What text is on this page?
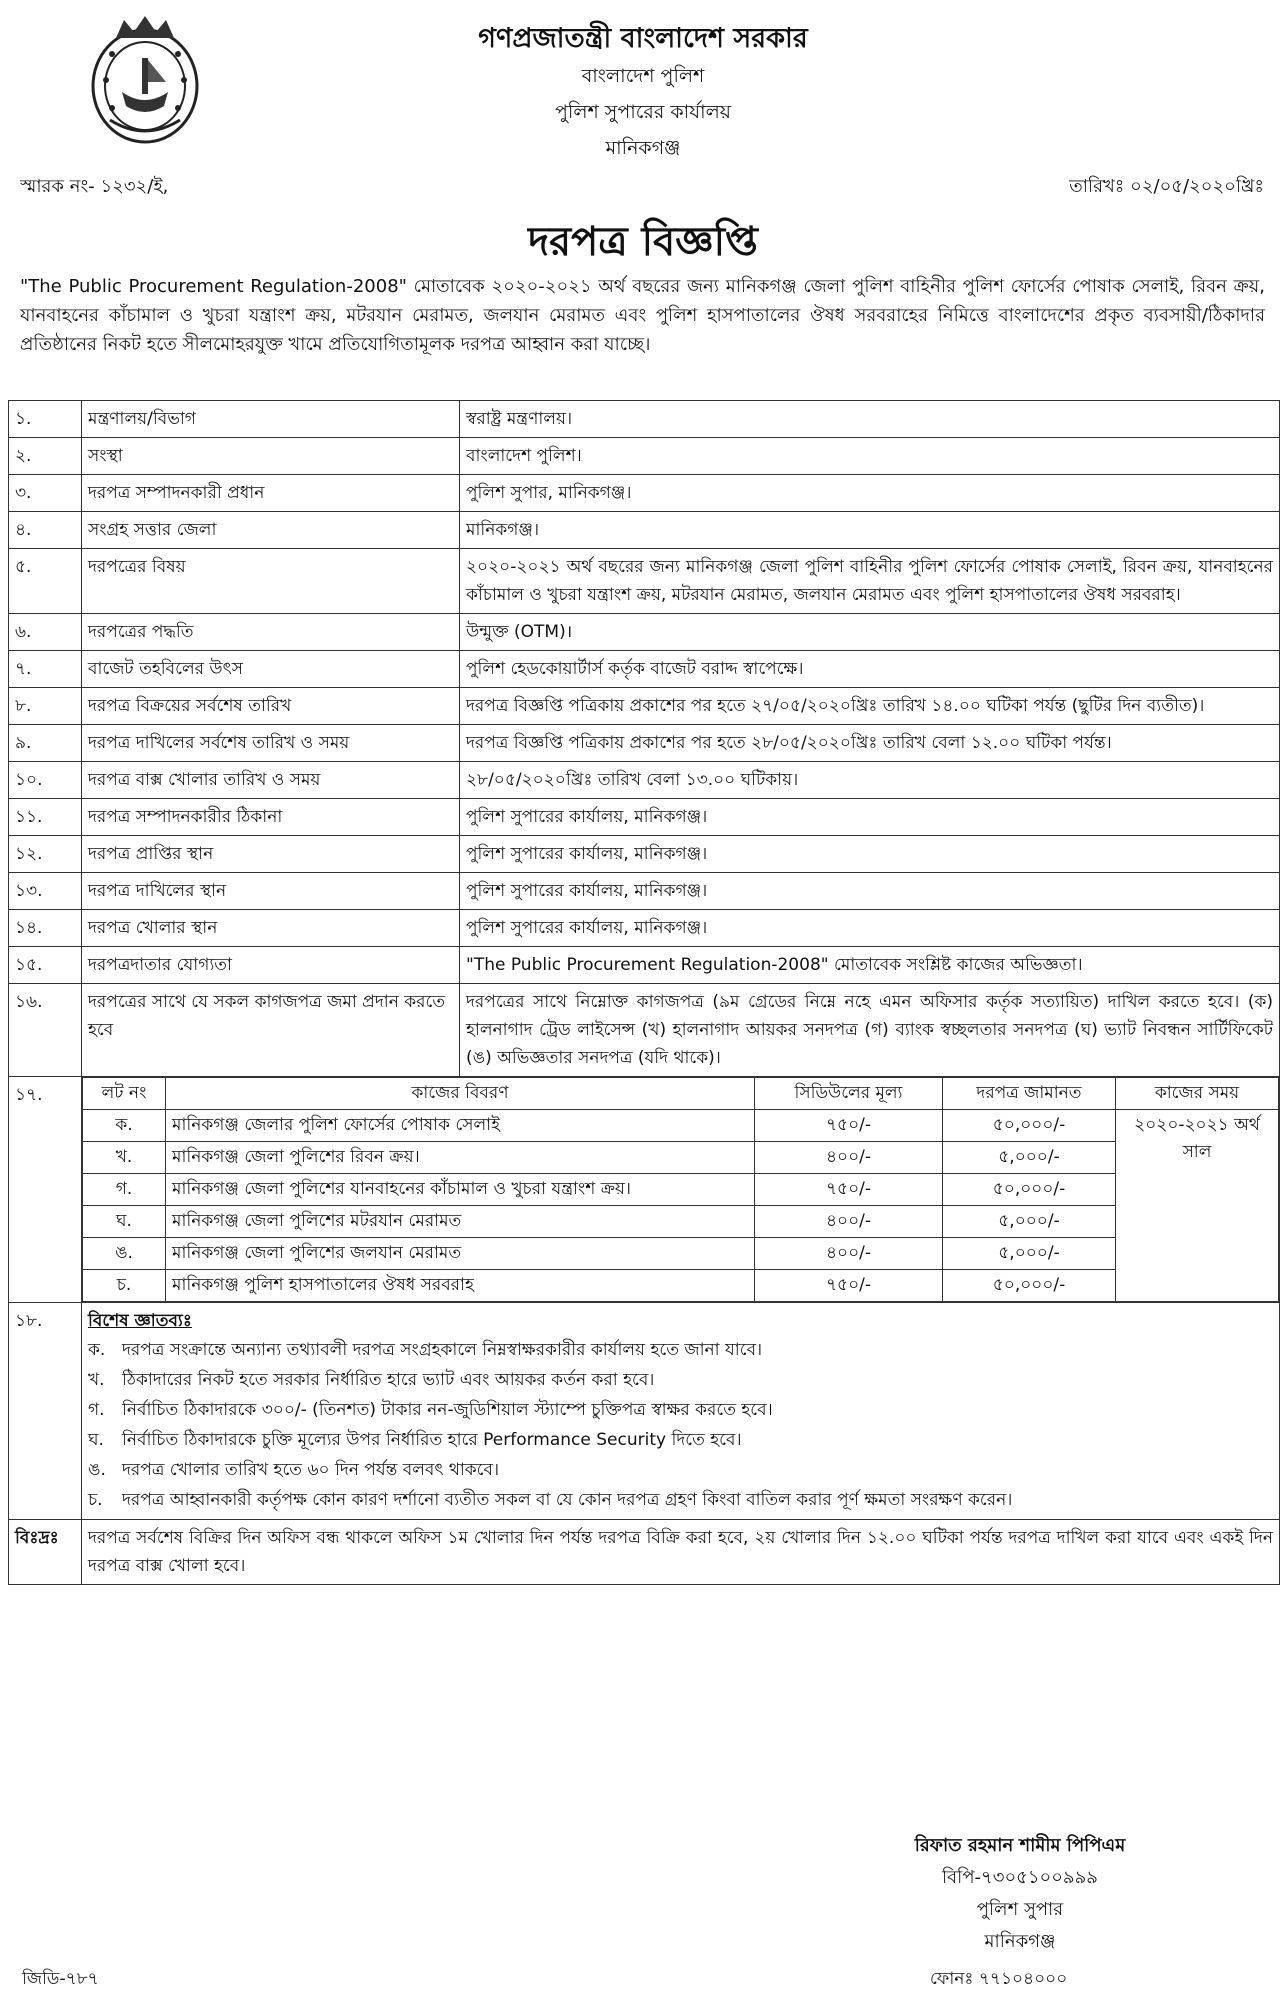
গণপ্রজাতন্ত্রী বাংলাদেশ সরকার
বাংলাদেশ পুলিশ
পুলিশ সুপারের কার্যালয়
মানিকগঞ্জ
স্মারক নং- ১২৩২/ই,	তারিখঃ ০২/০৫/২০২০খ্রিঃ
দরপত্র বিজ্ঞপ্তি
"The Public Procurement Regulation-2008" মোতাবেক ২০২০-২০২১ অর্থ বছরের জন্য মানিকগঞ্জ জেলা পুলিশ বাহিনীর পুলিশ ফোর্সের পোষাক সেলাই, রিবন ক্রয়, যানবাহনের কাঁচামাল ও খুচরা যন্ত্রাংশ ক্রয়, মটরযান মেরামত, জলযান মেরামত এবং পুলিশ হাসপাতালের ঔষধ সরবরাহের নিমিত্তে বাংলাদেশের প্রকৃত ব্যবসায়ী/ঠিকাদার প্রতিষ্ঠানের নিকট হতে সীলমোহরযুক্ত খামে প্রতিযোগিতামূলক দরপত্র আহ্বান করা যাচ্ছে।
১.	মন্ত্রণালয়/বিভাগ	স্বরাষ্ট্র মন্ত্রণালয়।
২.	সংস্থা	বাংলাদেশ পুলিশ।
৩.	দরপত্র সম্পাদনকারী প্রধান	পুলিশ সুপার, মানিকগঞ্জ।
৪.	সংগ্রহ সত্তার জেলা	মানিকগঞ্জ।
৫.	দরপত্রের বিষয়	২০২০-২০২১ অর্থ বছরের জন্য মানিকগঞ্জ জেলা পুলিশ বাহিনীর পুলিশ ফোর্সের পোষাক সেলাই, রিবন ক্রয়, যানবাহনের কাঁচামাল ও খুচরা যন্ত্রাংশ ক্রয়, মটরযান মেরামত, জলযান মেরামত এবং পুলিশ হাসপাতালের ঔষধ সরবরাহ।
৬.	দরপত্রের পদ্ধতি	উন্মুক্ত (OTM)।
৭.	বাজেট তহবিলের উৎস	পুলিশ হেডকোয়ার্টার্স কর্তৃক বাজেট বরাদ্দ স্বাপেক্ষে।
৮.	দরপত্র বিক্রয়ের সর্বশেষ তারিখ	দরপত্র বিজ্ঞপ্তি পত্রিকায় প্রকাশের পর হতে ২৭/০৫/২০২০খ্রিঃ তারিখ ১৪.০০ ঘটিকা পর্যন্ত (ছুটির দিন ব্যতীত)।
৯.	দরপত্র দাখিলের সর্বশেষ তারিখ ও সময়	দরপত্র বিজ্ঞপ্তি পত্রিকায় প্রকাশের পর হতে ২৮/০৫/২০২০খ্রিঃ তারিখ বেলা ১২.০০ ঘটিকা পর্যন্ত।
১০.	দরপত্র বাক্স খোলার তারিখ ও সময়	২৮/০৫/২০২০খ্রিঃ তারিখ বেলা ১৩.০০ ঘটিকায়।
১১.	দরপত্র সম্পাদনকারীর ঠিকানা	পুলিশ সুপারের কার্যালয়, মানিকগঞ্জ।
১২.	দরপত্র প্রাপ্তির স্থান	পুলিশ সুপারের কার্যালয়, মানিকগঞ্জ।
১৩.	দরপত্র দাখিলের স্থান	পুলিশ সুপারের কার্যালয়, মানিকগঞ্জ।
১৪.	দরপত্র খোলার স্থান	পুলিশ সুপারের কার্যালয়, মানিকগঞ্জ।
১৫.	দরপত্রদাতার যোগ্যতা	"The Public Procurement Regulation-2008" মোতাবেক সংশ্লিষ্ট কাজের অভিজ্ঞতা।
১৬.	দরপত্রের সাথে যে সকল কাগজপত্র জমা প্রদান করতে হবে	দরপত্রের সাথে নিম্নোক্ত কাগজপত্র (৯ম গ্রেডের নিম্নে নহে এমন অফিসার কর্তৃক সত্যায়িত) দাখিল করতে হবে। (ক) হালনাগাদ ট্রেড লাইসেন্স (খ) হালনাগাদ আয়কর সনদপত্র (গ) ব্যাংক স্বচ্ছলতার সনদপত্র (ঘ) ভ্যাট নিবন্ধন সার্টিফিকেট (ঙ) অভিজ্ঞতার সনদপত্র (যদি থাকে)।
১৭.		লট নং	কাজের বিবরণ	সিডিউলের মূল্য	দরপত্র জামানত	কাজের সময়
ক.	মানিকগঞ্জ জেলার পুলিশ ফোর্সের পোষাক সেলাই	৭৫০/-	৫০,০০০/-	২০২০-২০২১ অর্থ সাল
খ.	মানিকগঞ্জ জেলা পুলিশের রিবন ক্রয়।	৪০০/-	৫,০০০/-
গ.	মানিকগঞ্জ জেলা পুলিশের যানবাহনের কাঁচামাল ও খুচরা যন্ত্রাংশ ক্রয়।	৭৫০/-	৫০,০০০/-
ঘ.	মানিকগঞ্জ জেলা পুলিশের মটরযান মেরামত	৪০০/-	৫,০০০/-
ঙ.	মানিকগঞ্জ জেলা পুলিশের জলযান মেরামত	৪০০/-	৫,০০০/-
চ.	মানিকগঞ্জ পুলিশ হাসপাতালের ঔষধ সরবরাহ	৭৫০/-	৫০,০০০/-

১৮.	বিশেষ জ্ঞাতব্যঃ
ক. দরপত্র সংক্রান্তে অন্যান্য তথ্যাবলী দরপত্র সংগ্রহকালে নিম্নস্বাক্ষরকারীর কার্যালয় হতে জানা যাবে।
খ.	ঠিকাদারের নিকট হতে সরকার নির্ধারিত হারে ভ্যাট এবং আয়কর কর্তন করা হবে।
গ.	নির্বাচিত ঠিকাদারকে ৩০০/- (তিনশত) টাকার নন-জুডিশিয়াল স্ট্যাম্পে চুক্তিপত্র স্বাক্ষর করতে হবে।
ঘ.	নির্বাচিত ঠিকাদারকে চুক্তি মূল্যের উপর নির্ধারিত হারে Performance Security দিতে হবে।
ঙ. দরপত্র খোলার তারিখ হতে ৬০ দিন পর্যন্ত বলবৎ থাকবে।
চ.	দরপত্র আহ্বানকারী কর্তৃপক্ষ কোন কারণ দর্শানো ব্যতীত সকল বা যে কোন দরপত্র গ্রহণ কিংবা বাতিল করার পূর্ণ ক্ষমতা সংরক্ষণ করেন।

বিঃদ্রঃ	দরপত্র সর্বশেষ বিক্রির দিন অফিস বন্ধ থাকলে অফিস ১ম খোলার দিন পর্যন্ত দরপত্র বিক্রি করা হবে, ২য় খোলার দিন ১২.০০ ঘটিকা পর্যন্ত দরপত্র দাখিল করা যাবে এবং একই দিন দরপত্র বাক্স খোলা হবে।
রিফাত রহমান শামীম পিপিএম
বিপি-৭৩০৫১০০৯৯৯
পুলিশ সুপার
মানিকগঞ্জ
জিডি-৭৮৭	ফোনঃ ৭৭১০৪০০০
